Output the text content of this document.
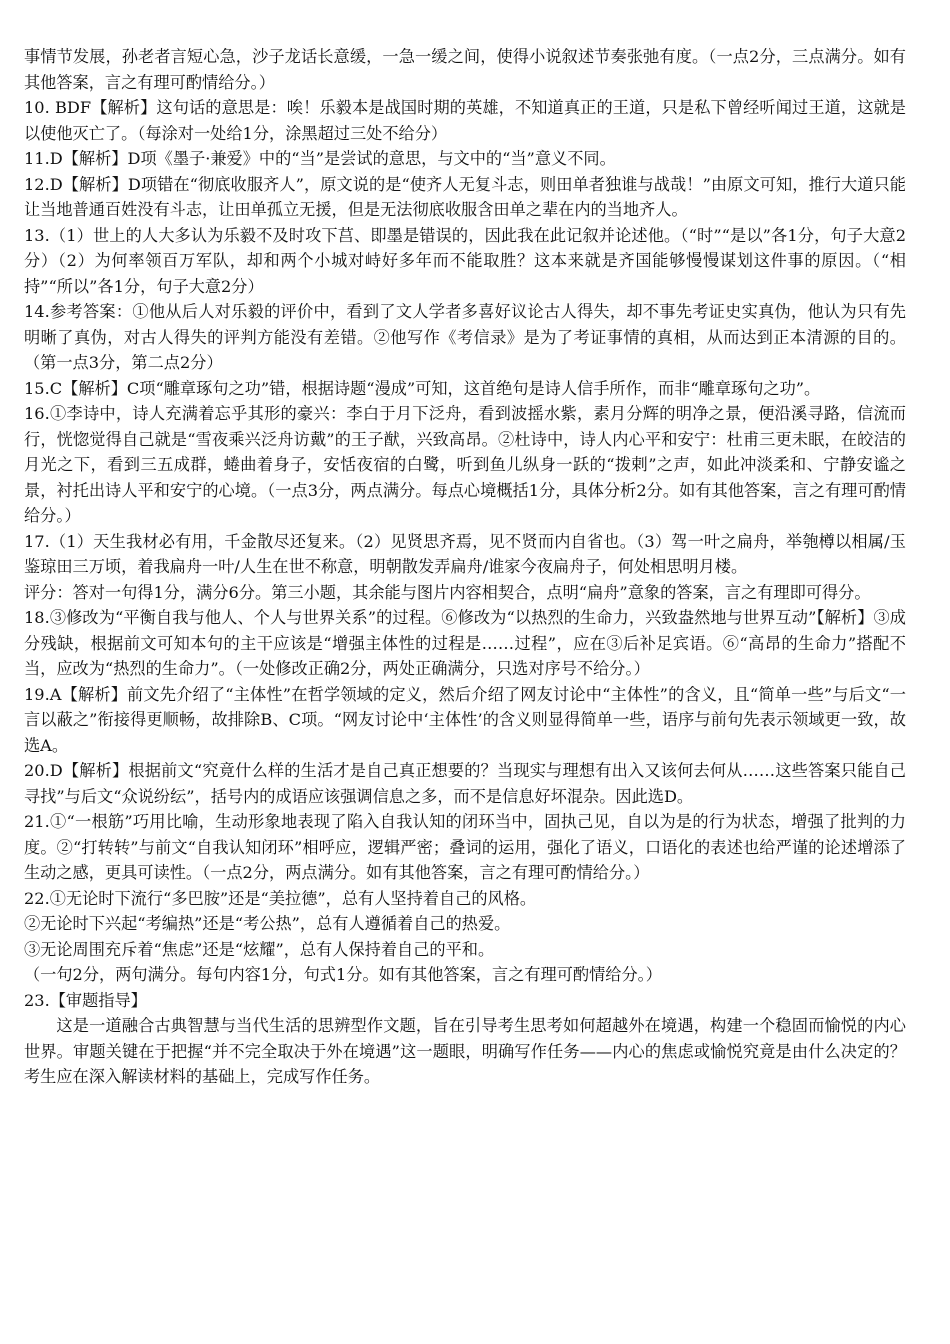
事情节发展，孙老者言短心急，沙子龙话长意缓，一急一缓之间，使得小说叙述节奏张弛有度。（一点2分，三点满分。如有其他答案，言之有理可酌情给分。）

10. BDF【解析】这句话的意思是：唉！乐毅本是战国时期的英雄，不知道真正的王道，只是私下曾经听闻过王道，这就是以使他灭亡了。（每涂对一处给1分，涂黑超过三处不给分）

11.D【解析】D项《墨子·兼爱》中的“当”是尝试的意思，与文中的“当”意义不同。

12.D【解析】D项错在“彻底收服齐人”，原文说的是“使齐人无复斗志，则田单者独谁与战哉！”由原文可知，推行大道只能让当地普通百姓没有斗志，让田单孤立无援，但是无法彻底收服含田单之辈在内的当地齐人。

13.（1）世上的人大多认为乐毅不及时攻下莒、即墨是错误的，因此我在此记叙并论述他。（“时”“是以”各1分，句子大意2分）（2）为何率领百万军队，却和两个小城对峙好多年而不能取胜？这本来就是齐国能够慢慢谋划这件事的原因。（“相持”“所以”各1分，句子大意2分）

14.参考答案：①他从后人对乐毅的评价中，看到了文人学者多喜好议论古人得失，却不事先考证史实真伪，他认为只有先明晰了真伪，对古人得失的评判方能没有差错。②他写作《考信录》是为了考证事情的真相，从而达到正本清源的目的。（第一点3分，第二点2分）

15.C【解析】C项“雕章琢句之功”错，根据诗题“漫成”可知，这首绝句是诗人信手所作，而非“雕章琢句之功”。

16.①李诗中，诗人充满着忘乎其形的豪兴：李白于月下泛舟，看到波摇水紫，素月分辉的明净之景，便沿溪寻路，信流而行，恍惚觉得自己就是“雪夜乘兴泛舟访戴”的王子猷，兴致高昂。②杜诗中，诗人内心平和安宁：杜甫三更未眠，在皎洁的月光之下，看到三五成群，蜷曲着身子，安恬夜宿的白鹭，听到鱼儿纵身一跃的“拨剌”之声，如此冲淡柔和、宁静安谧之景，衬托出诗人平和安宁的心境。（一点3分，两点满分。每点心境概括1分，具体分析2分。如有其他答案，言之有理可酌情给分。）

17.（1）天生我材必有用，千金散尽还复来。（2）见贤思齐焉，见不贤而内自省也。（3）驾一叶之扁舟，举匏樽以相属/玉鉴琼田三万顷，着我扁舟一叶/人生在世不称意，明朝散发弄扁舟/谁家今夜扁舟子，何处相思明月楼。

评分：答对一句得1分，满分6分。第三小题，其余能与图片内容相契合，点明“扁舟”意象的答案，言之有理即可得分。

18.③修改为“平衡自我与他人、个人与世界关系”的过程。⑥修改为“以热烈的生命力，兴致盎然地与世界互动”【解析】③成分残缺，根据前文可知本句的主干应该是“增强主体性的过程是……过程”，应在③后补足宾语。⑥“高昂的生命力”搭配不当，应改为“热烈的生命力”。（一处修改正确2分，两处正确满分，只选对序号不给分。）

19.A【解析】前文先介绍了“主体性”在哲学领域的定义，然后介绍了网友讨论中“主体性”的含义，且“简单一些”与后文“一言以蔽之”衔接得更顺畅，故排除B、C项。“网友讨论中‘主体性’的含义则显得简单一些，语序与前句先表示领域更一致，故选A。

20.D【解析】根据前文“究竟什么样的生活才是自己真正想要的？当现实与理想有出入又该何去何从……这些答案只能自己寻找”与后文“众说纷纭”，括号内的成语应该强调信息之多，而不是信息好坏混杂。因此选D。

21.①“一根筋”巧用比喻，生动形象地表现了陷入自我认知的闭环当中，固执己见，自以为是的行为状态，增强了批判的力度。②“打转转”与前文“自我认知闭环”相呼应，逻辑严密；叠词的运用，强化了语义，口语化的表述也给严谨的论述增添了生动之感，更具可读性。（一点2分，两点满分。如有其他答案，言之有理可酌情给分。）

22.①无论时下流行“多巴胺”还是“美拉德”，总有人坚持着自己的风格。

②无论时下兴起“考编热”还是“考公热”，总有人遵循着自己的热爱。

③无论周围充斥着“焦虑”还是“炫耀”，总有人保持着自己的平和。

（一句2分，两句满分。每句内容1分，句式1分。如有其他答案，言之有理可酌情给分。）

23.【审题指导】

这是一道融合古典智慧与当代生活的思辨型作文题，旨在引导考生思考如何超越外在境遇，构建一个稳固而愉悦的内心世界。审题关键在于把握“并不完全取决于外在境遇”这一题眼，明确写作任务——内心的焦虑或愉悦究竟是由什么决定的？考生应在深入解读材料的基础上，完成写作任务。
